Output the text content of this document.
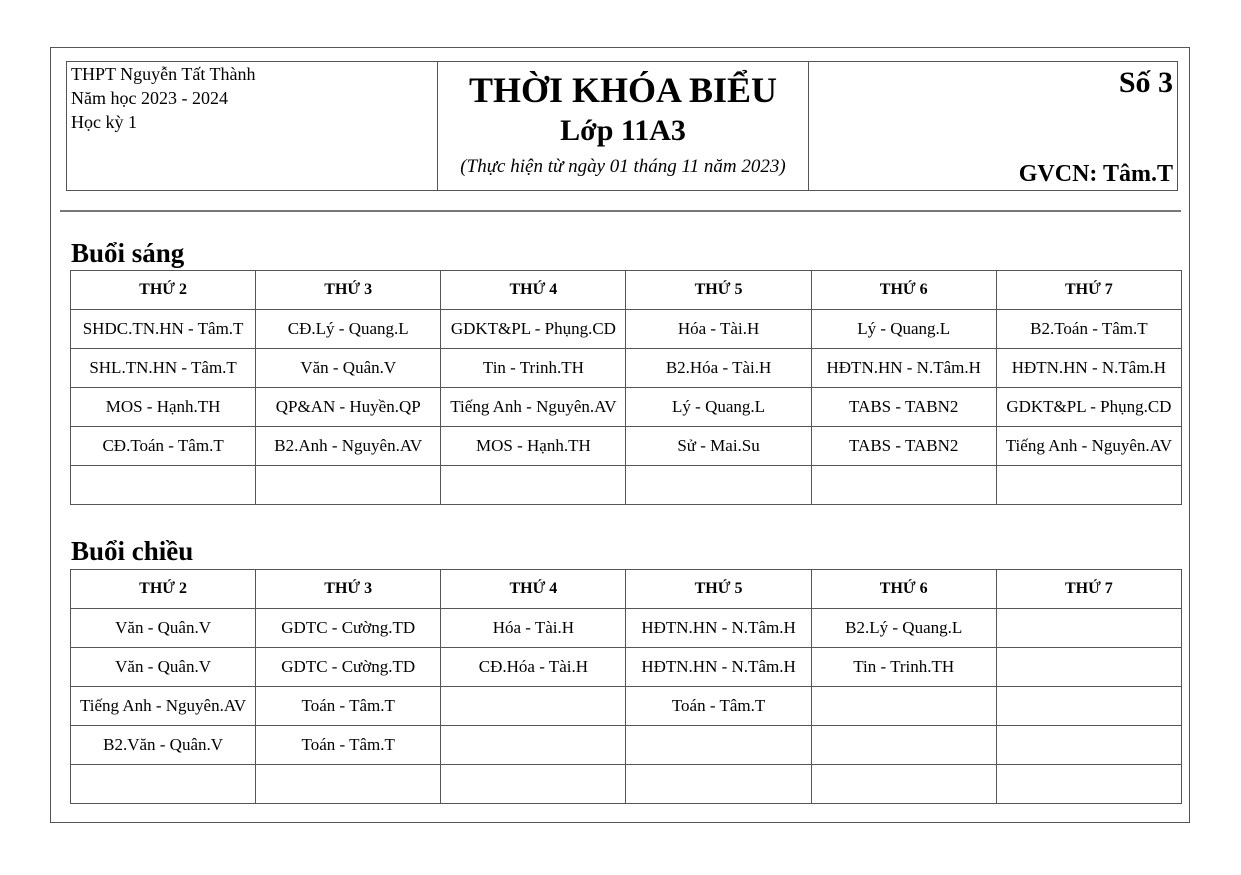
THPT Nguyễn Tất Thành
Năm học 2023 - 2024
Học kỳ 1
THỜI KHÓA BIỂU
Lớp 11A3
(Thực hiện từ ngày 01 tháng 11 năm 2023)
Số 3
GVCN: Tâm.T
Buổi sáng
THỨ 2	THỨ 3	THỨ 4	THỨ 5	THỨ 6	THỨ 7
SHDC.TN.HN - Tâm.T	CĐ.Lý - Quang.L	GDKT&PL - Phụng.CD	Hóa - Tài.H	Lý - Quang.L	B2.Toán - Tâm.T
SHL.TN.HN - Tâm.T	Văn - Quân.V	Tin - Trinh.TH	B2.Hóa - Tài.H	HĐTN.HN - N.Tâm.H	HĐTN.HN - N.Tâm.H
MOS - Hạnh.TH	QP&AN - Huyền.QP	Tiếng Anh - Nguyên.AV	Lý - Quang.L	TABS - TABN2	GDKT&PL - Phụng.CD
CĐ.Toán - Tâm.T	B2.Anh - Nguyên.AV	MOS - Hạnh.TH	Sử - Mai.Su	TABS - TABN2	Tiếng Anh - Nguyên.AV

Buổi chiều
THỨ 2	THỨ 3	THỨ 4	THỨ 5	THỨ 6	THỨ 7
Văn - Quân.V	GDTC - Cường.TD	Hóa - Tài.H	HĐTN.HN - N.Tâm.H	B2.Lý - Quang.L	
Văn - Quân.V	GDTC - Cường.TD	CĐ.Hóa - Tài.H	HĐTN.HN - N.Tâm.H	Tin - Trinh.TH	
Tiếng Anh - Nguyên.AV	Toán - Tâm.T		Toán - Tâm.T		
B2.Văn - Quân.V	Toán - Tâm.T				
